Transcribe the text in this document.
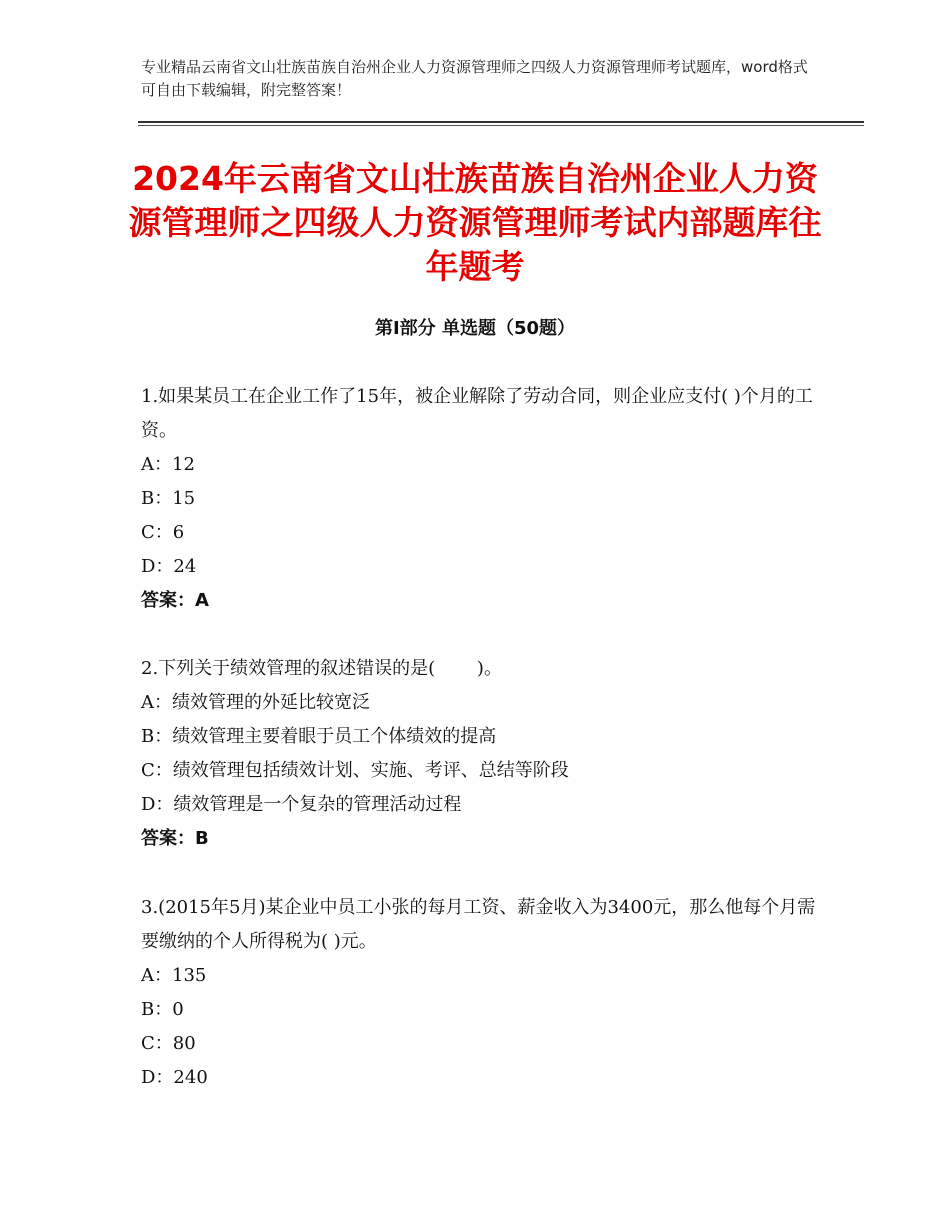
专业精品云南省文山壮族苗族自治州企业人力资源管理师之四级人力资源管理师考试题库，word格式可自由下载编辑，附完整答案！
2024年云南省文山壮族苗族自治州企业人力资源管理师之四级人力资源管理师考试内部题库往年题考
第Ⅰ部分 单选题（50题）

1.如果某员工在企业工作了15年，被企业解除了劳动合同，则企业应支付( )个月的工资。

A：12

B：15

C：6

D：24

答案：A

2.下列关于绩效管理的叙述错误的是(　　 )。

A：绩效管理的外延比较宽泛

B：绩效管理主要着眼于员工个体绩效的提高

C：绩效管理包括绩效计划、实施、考评、总结等阶段

D：绩效管理是一个复杂的管理活动过程

答案：B

3.(2015年5月)某企业中员工小张的每月工资、薪金收入为3400元，那么他每个月需要缴纳的个人所得税为( )元。

A：135

B：0

C：80

D：240
